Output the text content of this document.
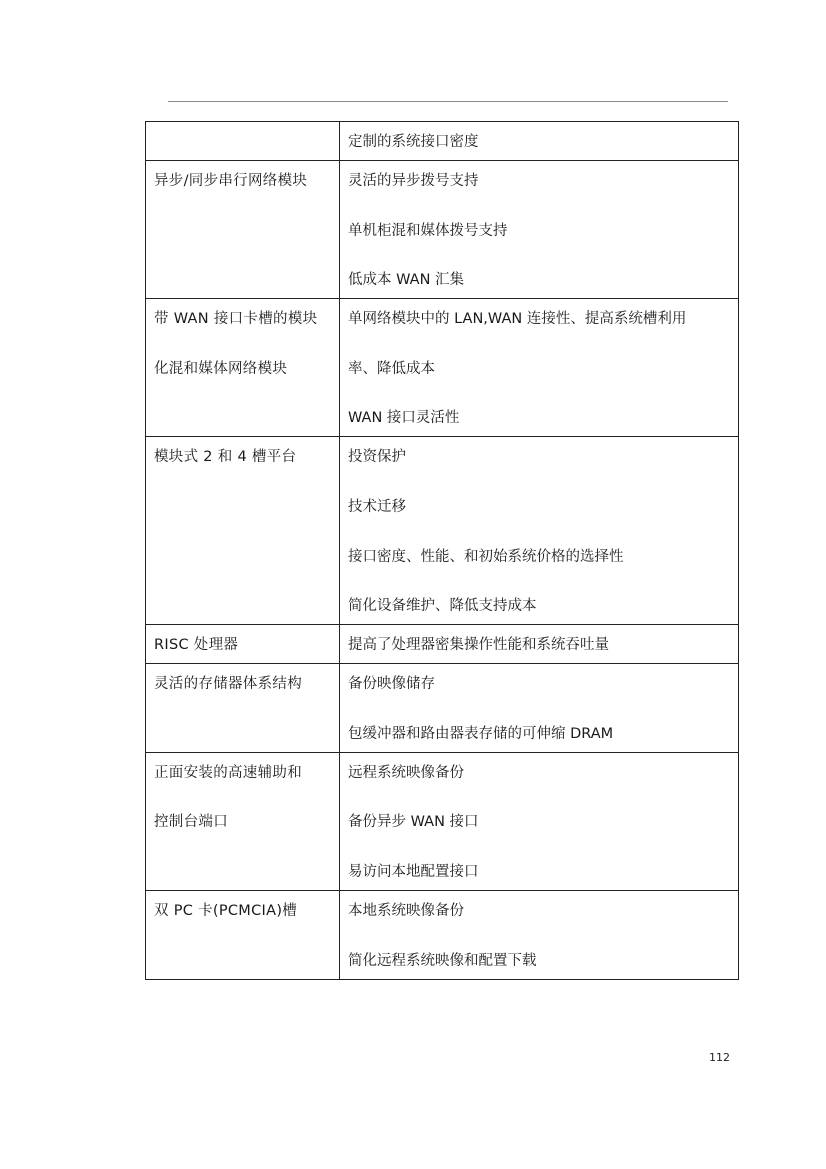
	定制的系统接口密度

异步/同步串行网络模块	灵活的异步拨号支持
单机柜混和媒体拨号支持
低成本 WAN 汇集

带 WAN 接口卡槽的模块
化混和媒体网络模块	单网络模块中的 LAN,WAN 连接性、提高系统槽利用
率、降低成本
WAN 接口灵活性

模块式 2 和 4 槽平台	投资保护
技术迁移
接口密度、性能、和初始系统价格的选择性
简化设备维护、降低支持成本

RISC 处理器	提高了处理器密集操作性能和系统吞吐量

灵活的存储器体系结构	备份映像储存
包缓冲器和路由器表存储的可伸缩 DRAM

正面安装的高速辅助和
控制台端口	远程系统映像备份
备份异步 WAN 接口
易访问本地配置接口

双 PC 卡(PCMCIA)槽	本地系统映像备份
简化远程系统映像和配置下载
112
